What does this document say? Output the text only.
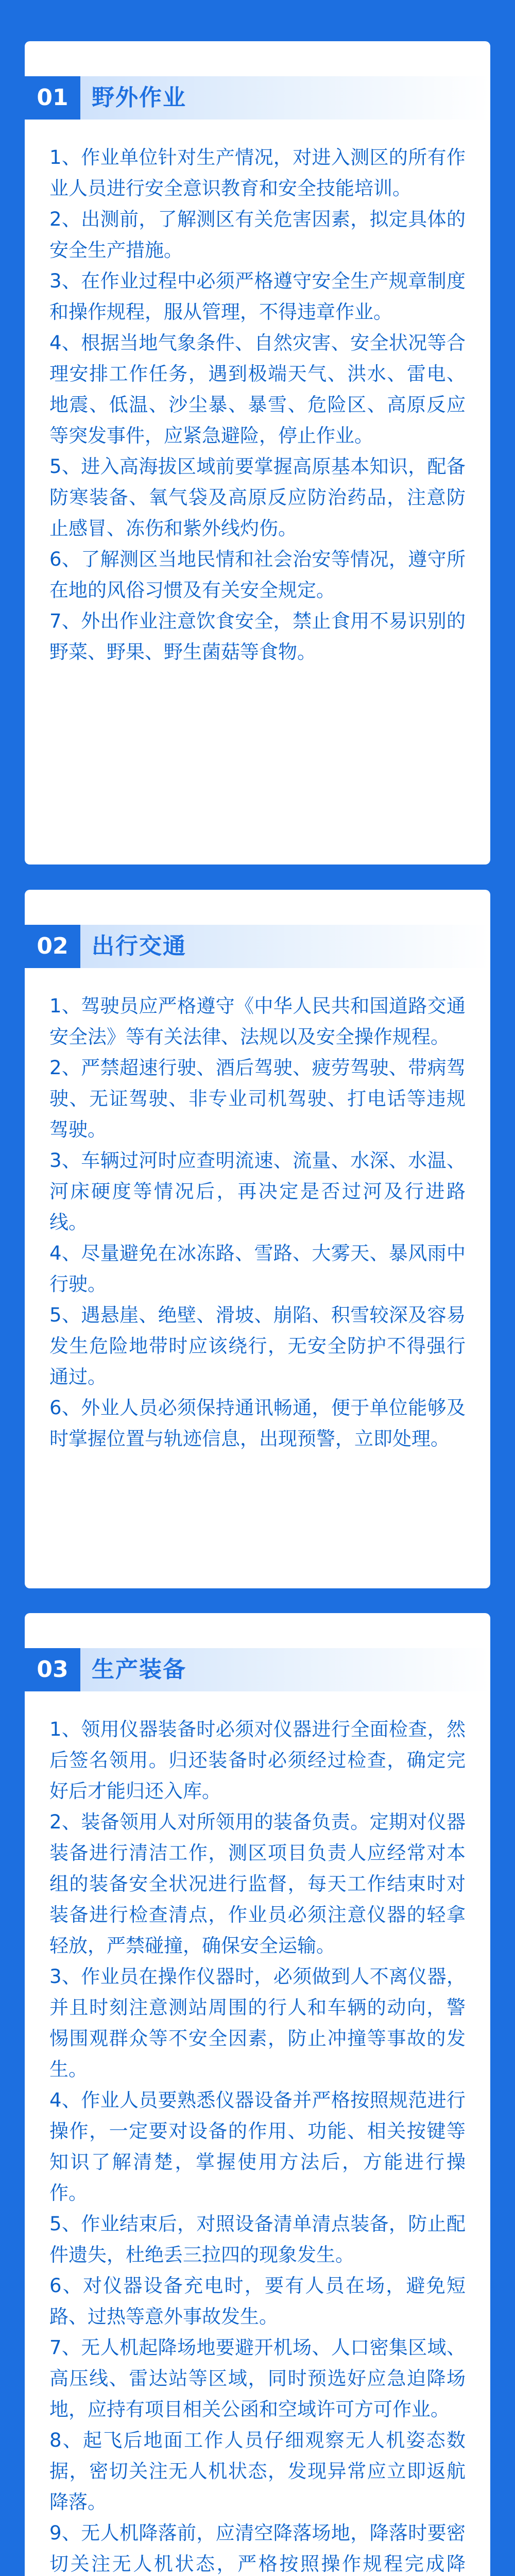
01	野外作业
1、作业单位针对生产情况，对进入测区的所有作业人员进行安全意识教育和安全技能培训。
2、出测前，了解测区有关危害因素，拟定具体的安全生产措施。
3、在作业过程中必须严格遵守安全生产规章制度和操作规程，服从管理，不得违章作业。
4、根据当地气象条件、自然灾害、安全状况等合理安排工作任务，遇到极端天气、洪水、雷电、地震、低温、沙尘暴、暴雪、危险区、高原反应等突发事件，应紧急避险，停止作业。
5、进入高海拔区域前要掌握高原基本知识，配备防寒装备、氧气袋及高原反应防治药品，注意防止感冒、冻伤和紫外线灼伤。
6、了解测区当地民情和社会治安等情况，遵守所在地的风俗习惯及有关安全规定。
7、外出作业注意饮食安全，禁止食用不易识别的野菜、野果、野生菌菇等食物。
02	出行交通
1、驾驶员应严格遵守《中华人民共和国道路交通安全法》等有关法律、法规以及安全操作规程。
2、严禁超速行驶、酒后驾驶、疲劳驾驶、带病驾驶、无证驾驶、非专业司机驾驶、打电话等违规驾驶。
3、车辆过河时应查明流速、流量、水深、水温、河床硬度等情况后，再决定是否过河及行进路线。
4、尽量避免在冰冻路、雪路、大雾天、暴风雨中行驶。
5、遇悬崖、绝壁、滑坡、崩陷、积雪较深及容易发生危险地带时应该绕行，无安全防护不得强行通过。
6、外业人员必须保持通讯畅通，便于单位能够及时掌握位置与轨迹信息，出现预警，立即处理。
03	生产装备
1、领用仪器装备时必须对仪器进行全面检查，然后签名领用。归还装备时必须经过检查，确定完好后才能归还入库。
2、装备领用人对所领用的装备负责。定期对仪器装备进行清洁工作，测区项目负责人应经常对本组的装备安全状况进行监督，每天工作结束时对装备进行检查清点，作业员必须注意仪器的轻拿轻放，严禁碰撞，确保安全运输。
3、作业员在操作仪器时，必须做到人不离仪器，并且时刻注意测站周围的行人和车辆的动向，警惕围观群众等不安全因素，防止冲撞等事故的发生。
4、作业人员要熟悉仪器设备并严格按照规范进行操作，一定要对设备的作用、功能、相关按键等知识了解清楚，掌握使用方法后，方能进行操作。
5、作业结束后，对照设备清单清点装备，防止配件遗失，杜绝丢三拉四的现象发生。
6、对仪器设备充电时，要有人员在场，避免短路、过热等意外事故发生。
7、无人机起降场地要避开机场、人口密集区域、高压线、雷达站等区域，同时预选好应急迫降场地，应持有项目相关公函和空域许可方可作业。
8、起飞后地面工作人员仔细观察无人机姿态数据，密切关注无人机状态，发现异常应立即返航降落。
9、无人机降落前，应清空降落场地，降落时要密切关注无人机状态，严格按照操作规程完成降
